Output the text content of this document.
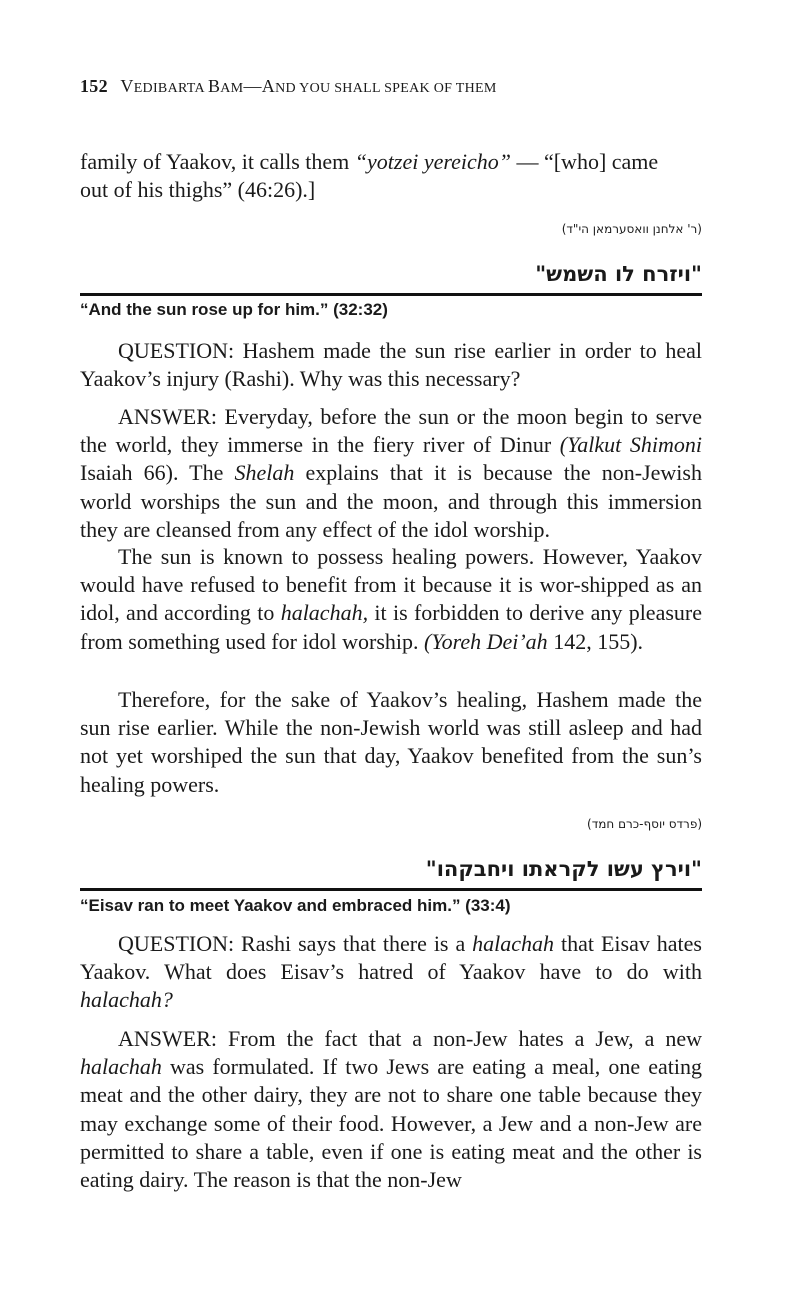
152 VEDIBARTA BAM—AND YOU SHALL SPEAK OF THEM
family of Yaakov, it calls them “yotzei yereicho” — “[who] came
out of his thighs” (46:26).]
(ר' אלחנן וואסערמאן הי"ד)
"ויזרח לו השמש"
“And the sun rose up for him.” (32:32)
QUESTION: Hashem made the sun rise earlier in order to heal Yaakov’s injury (Rashi). Why was this necessary?
ANSWER: Everyday, before the sun or the moon begin to serve the world, they immerse in the fiery river of Dinur (Yalkut Shimoni Isaiah 66). The Shelah explains that it is because the non-Jewish world worships the sun and the moon, and through this immersion they are cleansed from any effect of the idol worship.
The sun is known to possess healing powers. However, Yaakov would have refused to benefit from it because it is wor-shipped as an idol, and according to halachah, it is forbidden to derive any pleasure from something used for idol worship. (Yoreh Dei’ah 142, 155).
Therefore, for the sake of Yaakov’s healing, Hashem made the sun rise earlier. While the non-Jewish world was still asleep and had not yet worshiped the sun that day, Yaakov benefited from the sun’s healing powers.
(פרדס יוסף-כרם חמד)
"וירץ עשו לקראתו ויחבקהו"
“Eisav ran to meet Yaakov and embraced him.” (33:4)
QUESTION: Rashi says that there is a halachah that Eisav hates Yaakov. What does Eisav’s hatred of Yaakov have to do with halachah?
ANSWER: From the fact that a non-Jew hates a Jew, a new halachah was formulated. If two Jews are eating a meal, one eating meat and the other dairy, they are not to share one table because they may exchange some of their food. However, a Jew and a non-Jew are permitted to share a table, even if one is eating meat and the other is eating dairy. The reason is that the non-Jew
